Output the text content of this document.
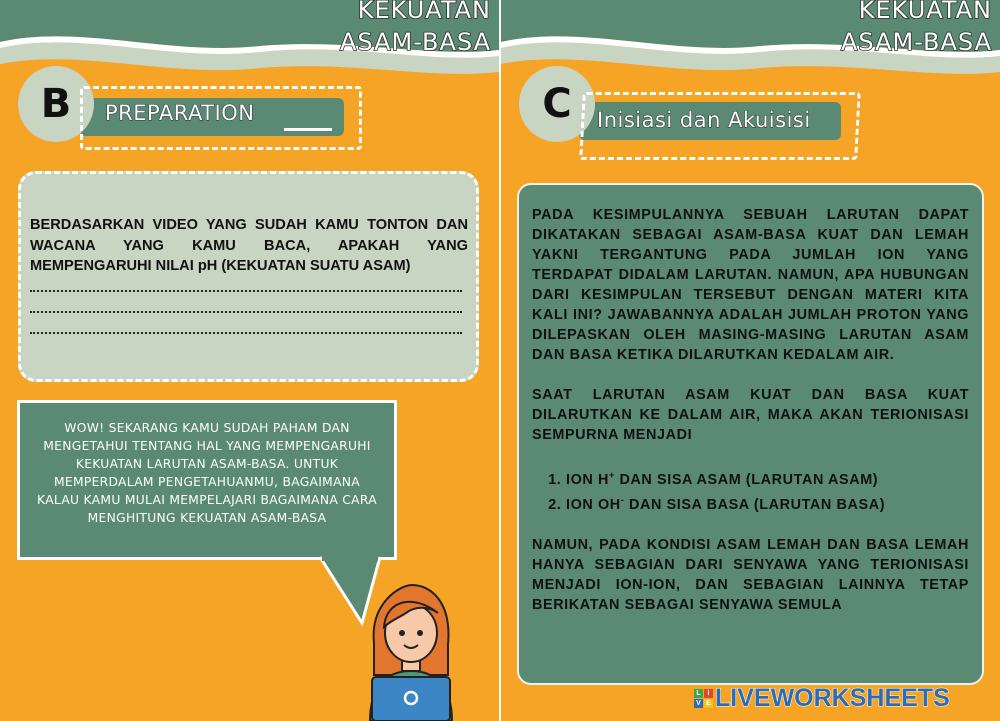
KEKUATAN
ASAM-BASA
B PREPARATION
BERDASARKAN VIDEO YANG SUDAH KAMU TONTON DAN WACANA YANG KAMU BACA, APAKAH YANG MEMPENGARUHI NILAI pH (KEKUATAN SUATU ASAM)
WOW! SEKARANG KAMU SUDAH PAHAM DAN MENGETAHUI TENTANG HAL YANG MEMPENGARUHI KEKUATAN LARUTAN ASAM-BASA. UNTUK MEMPERDALAM PENGETAHUANMU, BAGAIMANA KALAU KAMU MULAI MEMPELAJARI BAGAIMANA CARA MENGHITUNG KEKUATAN ASAM-BASA
KEKUATAN
ASAM-BASA
C Inisiasi dan Akuisisi

PADA KESIMPULANNYA SEBUAH LARUTAN DAPAT DIKATAKAN SEBAGAI ASAM-BASA KUAT DAN LEMAH YAKNI TERGANTUNG PADA JUMLAH ION YANG TERDAPAT DIDALAM LARUTAN. NAMUN, APA HUBUNGAN DARI KESIMPULAN TERSEBUT DENGAN MATERI KITA KALI INI? JAWABANNYA ADALAH JUMLAH PROTON YANG DILEPASKAN OLEH MASING-MASING LARUTAN ASAM DAN BASA KETIKA DILARUTKAN KEDALAM AIR.

SAAT LARUTAN ASAM KUAT DAN BASA KUAT DILARUTKAN KE DALAM AIR, MAKA AKAN TERIONISASI SEMPURNA MENJADI

1. ION H+ DAN SISA ASAM (LARUTAN ASAM)
2. ION OH- DAN SISA BASA (LARUTAN BASA)

NAMUN, PADA KONDISI ASAM LEMAH DAN BASA LEMAH HANYA SEBAGIAN DARI SENYAWA YANG TERIONISASI MENJADI ION-ION, DAN SEBAGIAN LAINNYA TETAP BERIKATAN SEBAGAI SENYAWA SEMULA

L I
V E LIVEWORKSHEETS
